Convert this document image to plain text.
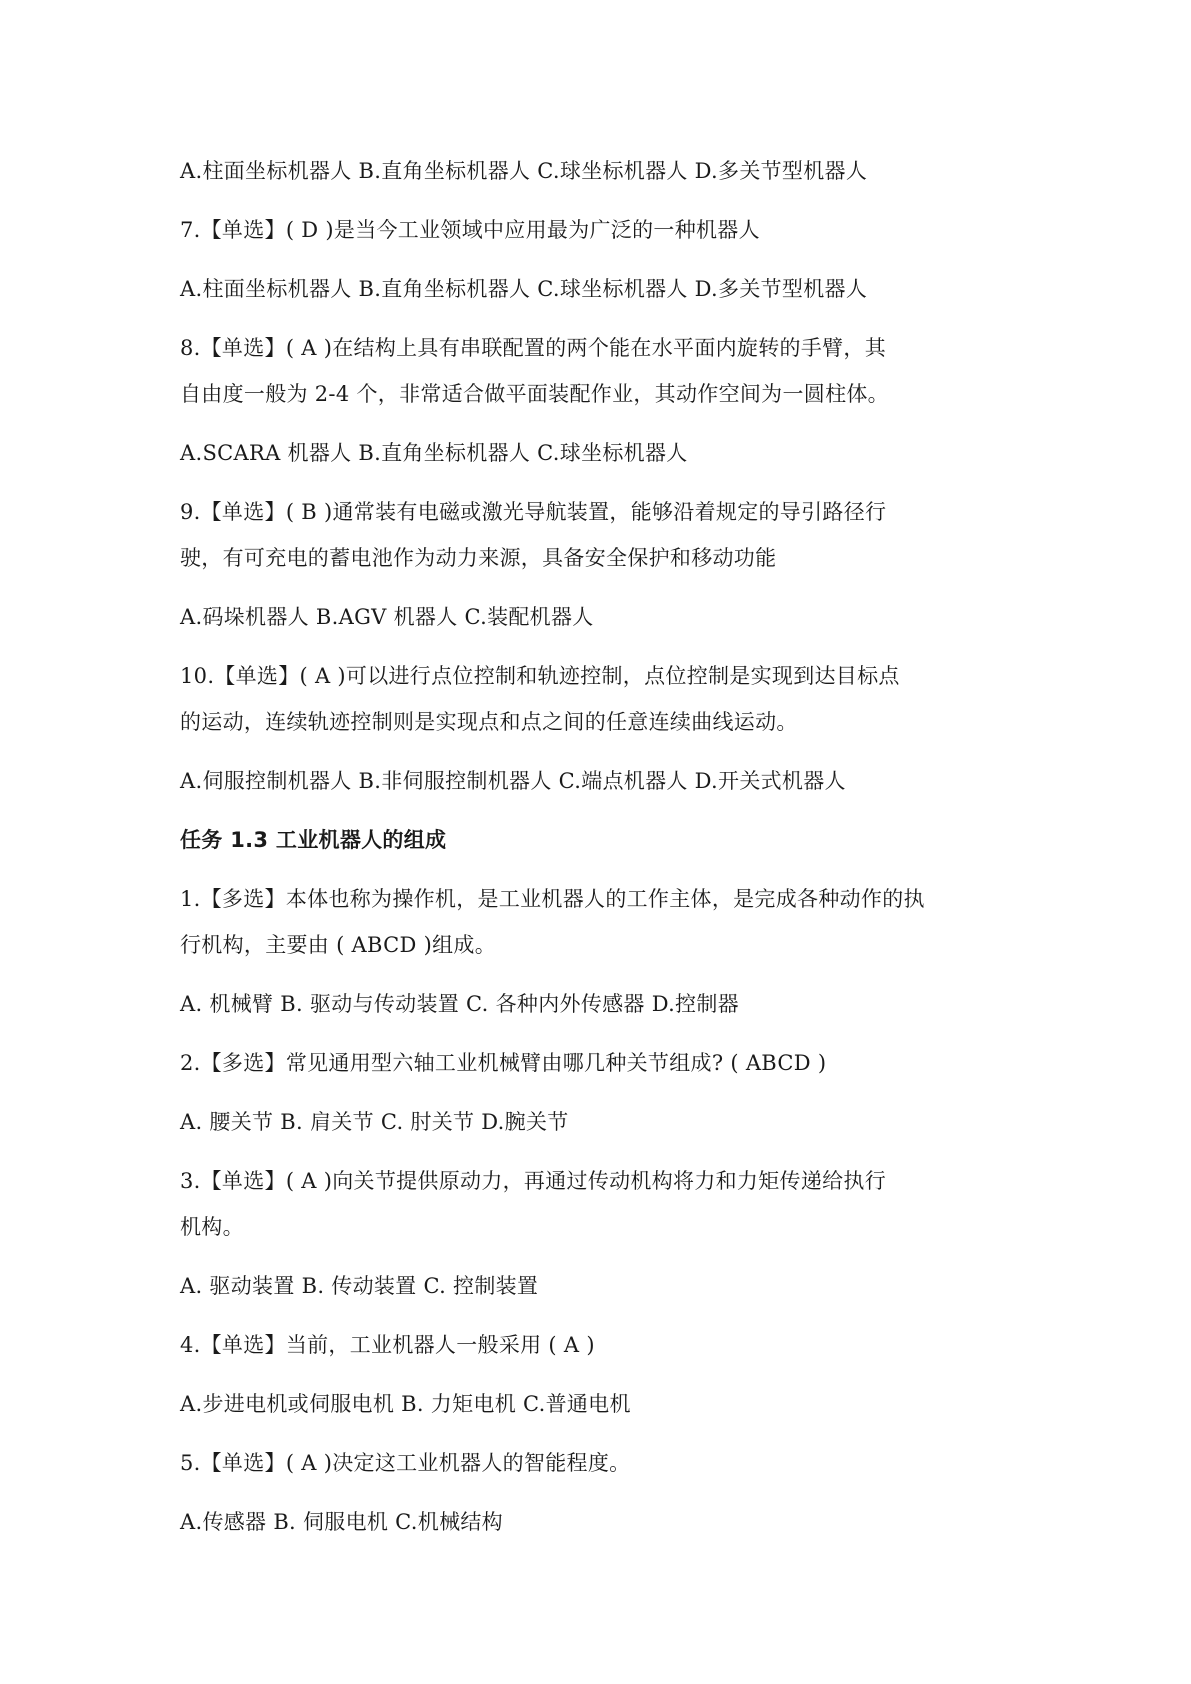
A.柱面坐标机器人 B.直角坐标机器人 C.球坐标机器人 D.多关节型机器人
7.【单选】( D )是当今工业领域中应用最为广泛的一种机器人
A.柱面坐标机器人 B.直角坐标机器人 C.球坐标机器人 D.多关节型机器人
8.【单选】( A )在结构上具有串联配置的两个能在水平面内旋转的手臂，其
自由度一般为 2-4 个，非常适合做平面装配作业，其动作空间为一圆柱体。
A.SCARA 机器人 B.直角坐标机器人 C.球坐标机器人
9.【单选】( B )通常装有电磁或激光导航装置，能够沿着规定的导引路径行
驶，有可充电的蓄电池作为动力来源，具备安全保护和移动功能
A.码垛机器人 B.AGV 机器人 C.装配机器人
10.【单选】( A )可以进行点位控制和轨迹控制，点位控制是实现到达目标点
的运动，连续轨迹控制则是实现点和点之间的任意连续曲线运动。
A.伺服控制机器人 B.非伺服控制机器人 C.端点机器人 D.开关式机器人
任务 1.3 工业机器人的组成
1.【多选】本体也称为操作机，是工业机器人的工作主体，是完成各种动作的执
行机构，主要由 ( ABCD )组成。
A. 机械臂 B. 驱动与传动装置 C. 各种内外传感器 D.控制器
2.【多选】常见通用型六轴工业机械臂由哪几种关节组成? ( ABCD )
A. 腰关节 B. 肩关节 C. 肘关节 D.腕关节
3.【单选】( A )向关节提供原动力，再通过传动机构将力和力矩传递给执行
机构。
A. 驱动装置 B. 传动装置 C. 控制装置
4.【单选】当前，工业机器人一般采用 ( A )
A.步进电机或伺服电机 B. 力矩电机 C.普通电机
5.【单选】( A )决定这工业机器人的智能程度。
A.传感器 B. 伺服电机 C.机械结构
